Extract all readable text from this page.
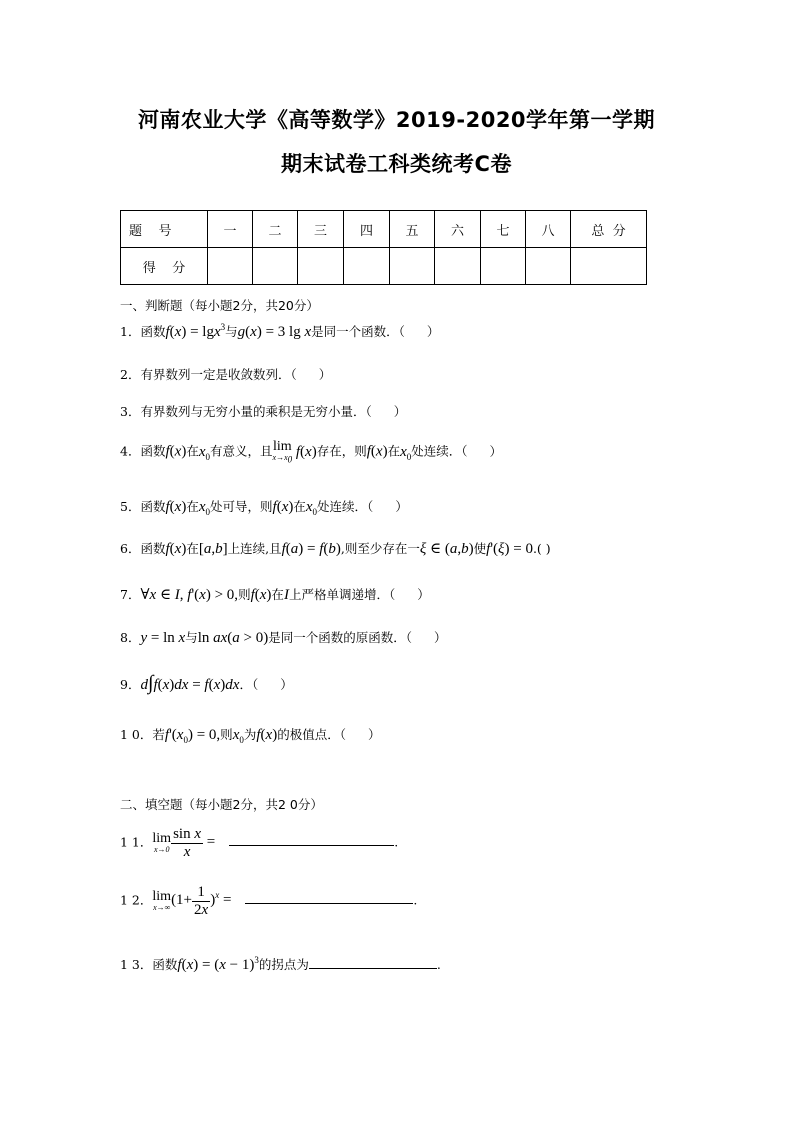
河南农业大学《高等数学》2019-2020学年第一学期
期末试卷工科类统考C卷
题    号	一	二	三	四	五	六	七	八	总  分
得    分									
一、判断题（每小题2分，共20分）
1．函数f(x) = lgx$^3$与g(x) = 3 lg x是同一个函数．（ ）
2．有界数列一定是收敛数列．（ ）
3．有界数列与无穷小量的乘积是无穷小量．（ ）
4．函数f(x)在$x_0$有意义，且 lim
$x\to x_0$ f(x)存在，则f(x)在$x_0$处连续．（ ）
5．函数f(x)在$x_0$处可导，则f(x)在$x_0$处连续．（ ）
6．函数f(x)在[a,b]上连续,且f(a) = f(b),则至少存在一ξ ∈ (a,b)使f'(ξ) = 0.( )
7．∀x ∈ I, f'(x) > 0,则f(x)在I上严格单调递增．（ ）
8．y = ln x与ln ax(a > 0)是同一个函数的原函数．（ ）
9．d∫f(x)dx = f(x)dx．（ ）
1 0．若$f'(x_0) = 0$,则$x_0$为f(x)的极值点．（ ）
二、填空题（每小题2分，共2 0分）
1 1． lim
$x\to 0 \frac{\text{sin x}}{x}$ =	.
1 2． lim
x→∞ $(1+ \frac{1}{2x} )^x$ =	.
1 3．函数$f(x) = (x - 1)^3$的拐点为	.
